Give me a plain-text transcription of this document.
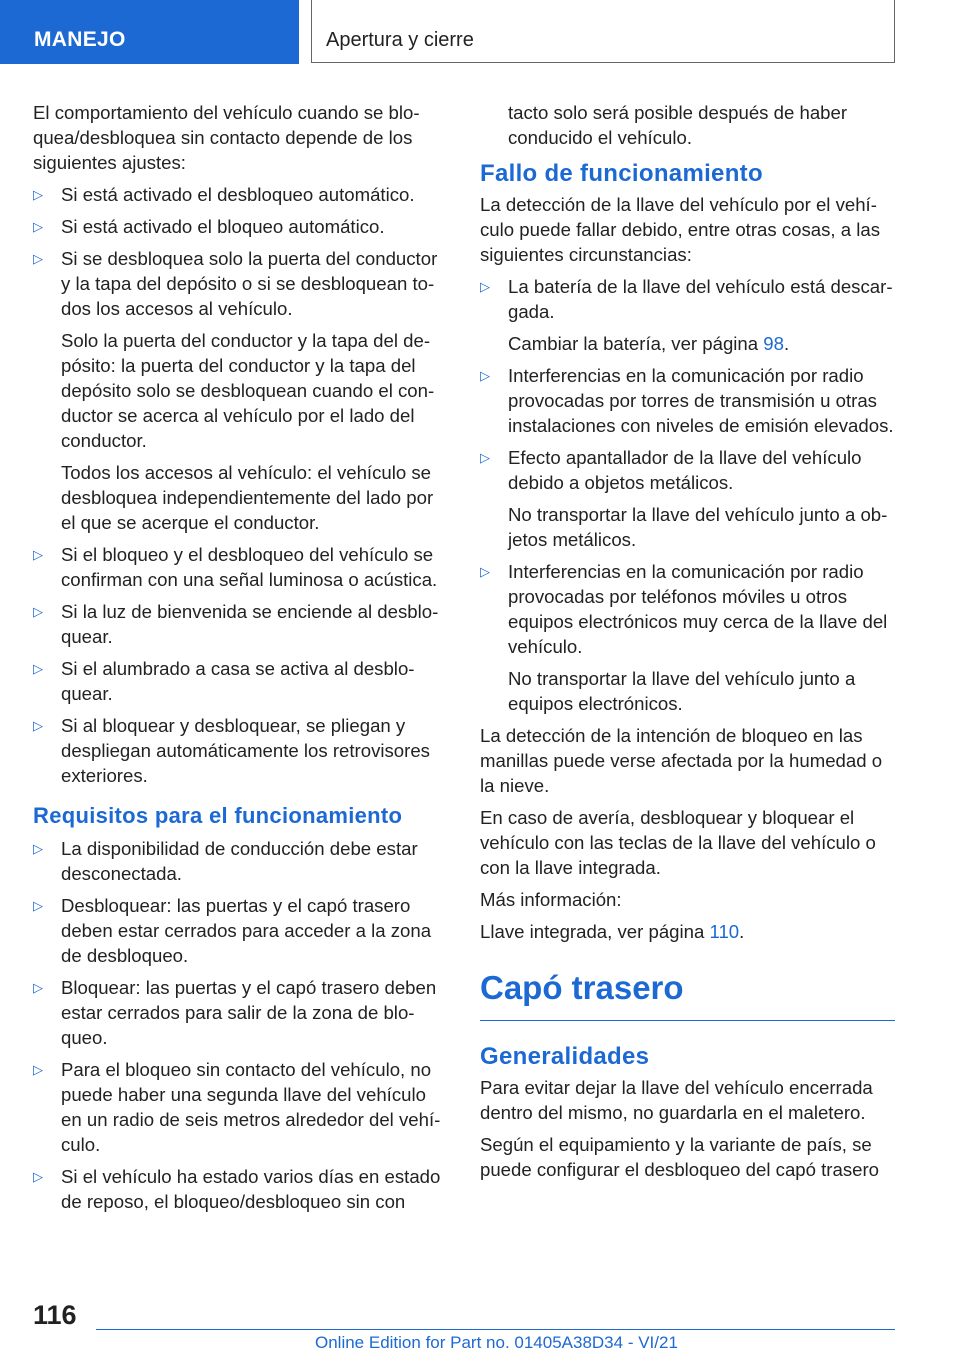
MANEJO	Apertura y cierre

El comportamiento del vehículo cuando se bloquea/desbloquea sin contacto depende de los siguientes ajustes:

▷ Si está activado el desbloqueo automático.
▷ Si está activado el bloqueo automático.
▷ Si se desbloquea solo la puerta del conductor y la tapa del depósito o si se desbloquean todos los accesos al vehículo.

Solo la puerta del conductor y la tapa del depósito: la puerta del conductor y la tapa del depósito solo se desbloquean cuando el conductor se acerca al vehículo por el lado del conductor.

Todos los accesos al vehículo: el vehículo se desbloquea independientemente del lado por el que se acerque el conductor.

▷ Si el bloqueo y el desbloqueo del vehículo se confirman con una señal luminosa o acústica.
▷ Si la luz de bienvenida se enciende al desbloquear.
▷ Si el alumbrado a casa se activa al desbloquear.
▷ Si al bloquear y desbloquear, se pliegan y despliegan automáticamente los retrovisores exteriores.
Requisitos para el funcionamiento
▷ La disponibilidad de conducción debe estar desconectada.
▷ Desbloquear: las puertas y el capó trasero deben estar cerrados para acceder a la zona de desbloqueo.
▷ Bloquear: las puertas y el capó trasero deben estar cerrados para salir de la zona de bloqueo.
▷ Para el bloqueo sin contacto del vehículo, no puede haber una segunda llave del vehículo en un radio de seis metros alrededor del vehículo.
▷ Si el vehículo ha estado varios días en estado de reposo, el bloqueo/desbloqueo sin con

tacto solo será posible después de haber conducido el vehículo.

Fallo de funcionamiento

La detección de la llave del vehículo por el vehículo puede fallar debido, entre otras cosas, a las siguientes circunstancias:

▷ La batería de la llave del vehículo está descargada.

Cambiar la batería, ver página 98.

▷ Interferencias en la comunicación por radio provocadas por torres de transmisión u otras instalaciones con niveles de emisión elevados.
▷ Efecto apantallador de la llave del vehículo debido a objetos metálicos.

No transportar la llave del vehículo junto a objetos metálicos.

▷ Interferencias en la comunicación por radio provocadas por teléfonos móviles u otros equipos electrónicos muy cerca de la llave del vehículo.

No transportar la llave del vehículo junto a equipos electrónicos.

La detección de la intención de bloqueo en las manillas puede verse afectada por la humedad o la nieve.

En caso de avería, desbloquear y bloquear el vehículo con las teclas de la llave del vehículo o con la llave integrada.

Más información:

Llave integrada, ver página 110.

Capó trasero
Generalidades

Para evitar dejar la llave del vehículo encerrada dentro del mismo, no guardarla en el maletero.

Según el equipamiento y la variante de país, se puede configurar el desbloqueo del capó trasero

116
Online Edition for Part no. 01405A38D34 - VI/21
